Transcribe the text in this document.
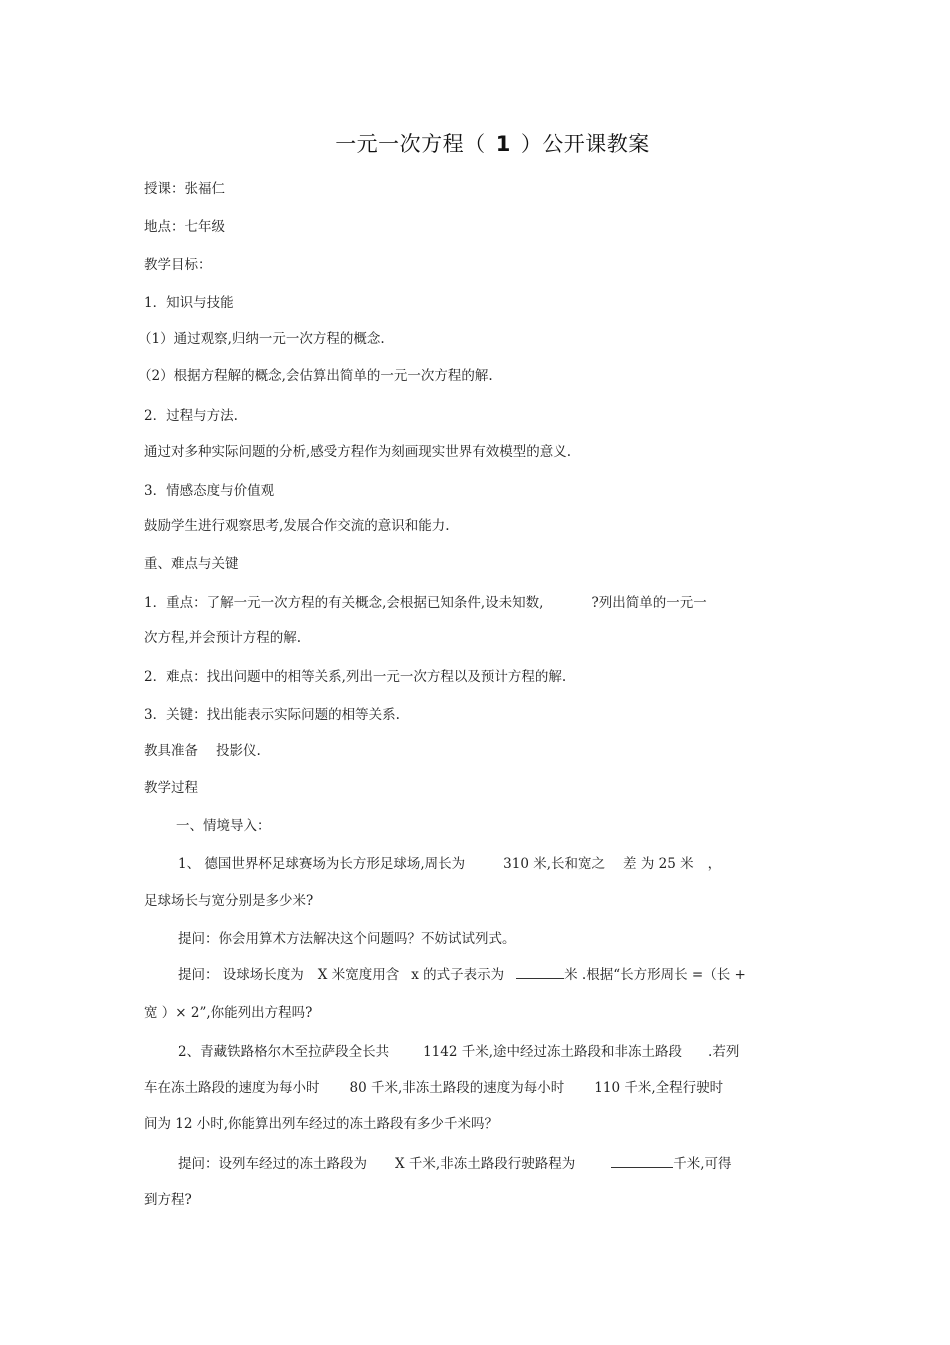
一元一次方程（ 1 ）公开课教案
授课：张福仁
地点：七年级
教学目标：
1．知识与技能
（1）通过观察,归纳一元一次方程的概念.
（2）根据方程解的概念,会估算出简单的一元一次方程的解.
2．过程与方法.
通过对多种实际问题的分析,感受方程作为刻画现实世界有效模型的意义.
3．情感态度与价值观
鼓励学生进行观察思考,发展合作交流的意识和能力.
重、难点与关键
1．重点：了解一元一次方程的有关概念,会根据已知条件,设未知数,	?列出简单的一元一
次方程,并会预计方程的解.
2．难点：找出问题中的相等关系,列出一元一次方程以及预计方程的解.
3．关键：找出能表示实际问题的相等关系.
教具准备 投影仪.
教学过程
一、情境导入：
1、 德国世界杯足球赛场为长方形足球场,周长为	310 米,长和宽之 差 为 25 米 ，
足球场长与宽分别是多少米?
提问：你会用算术方法解决这个问题吗？不妨试试列式。
提问： 设球场长度为 X 米宽度用含 x 的式子表示为	米 .根据“长方形周长 =（长 +
宽 ）× 2”,你能列出方程吗?
2、青藏铁路格尔木至拉萨段全长共	1142 千米,途中经过冻土路段和非冻土路段 .若列
车在冻土路段的速度为每小时 80 千米,非冻土路段的速度为每小时 110 千米,全程行驶时
间为 12 小时,你能算出列车经过的冻土路段有多少千米吗？
提问：设列车经过的冻土路段为 X 千米,非冻土路段行驶路程为	千米,可得
到方程?
